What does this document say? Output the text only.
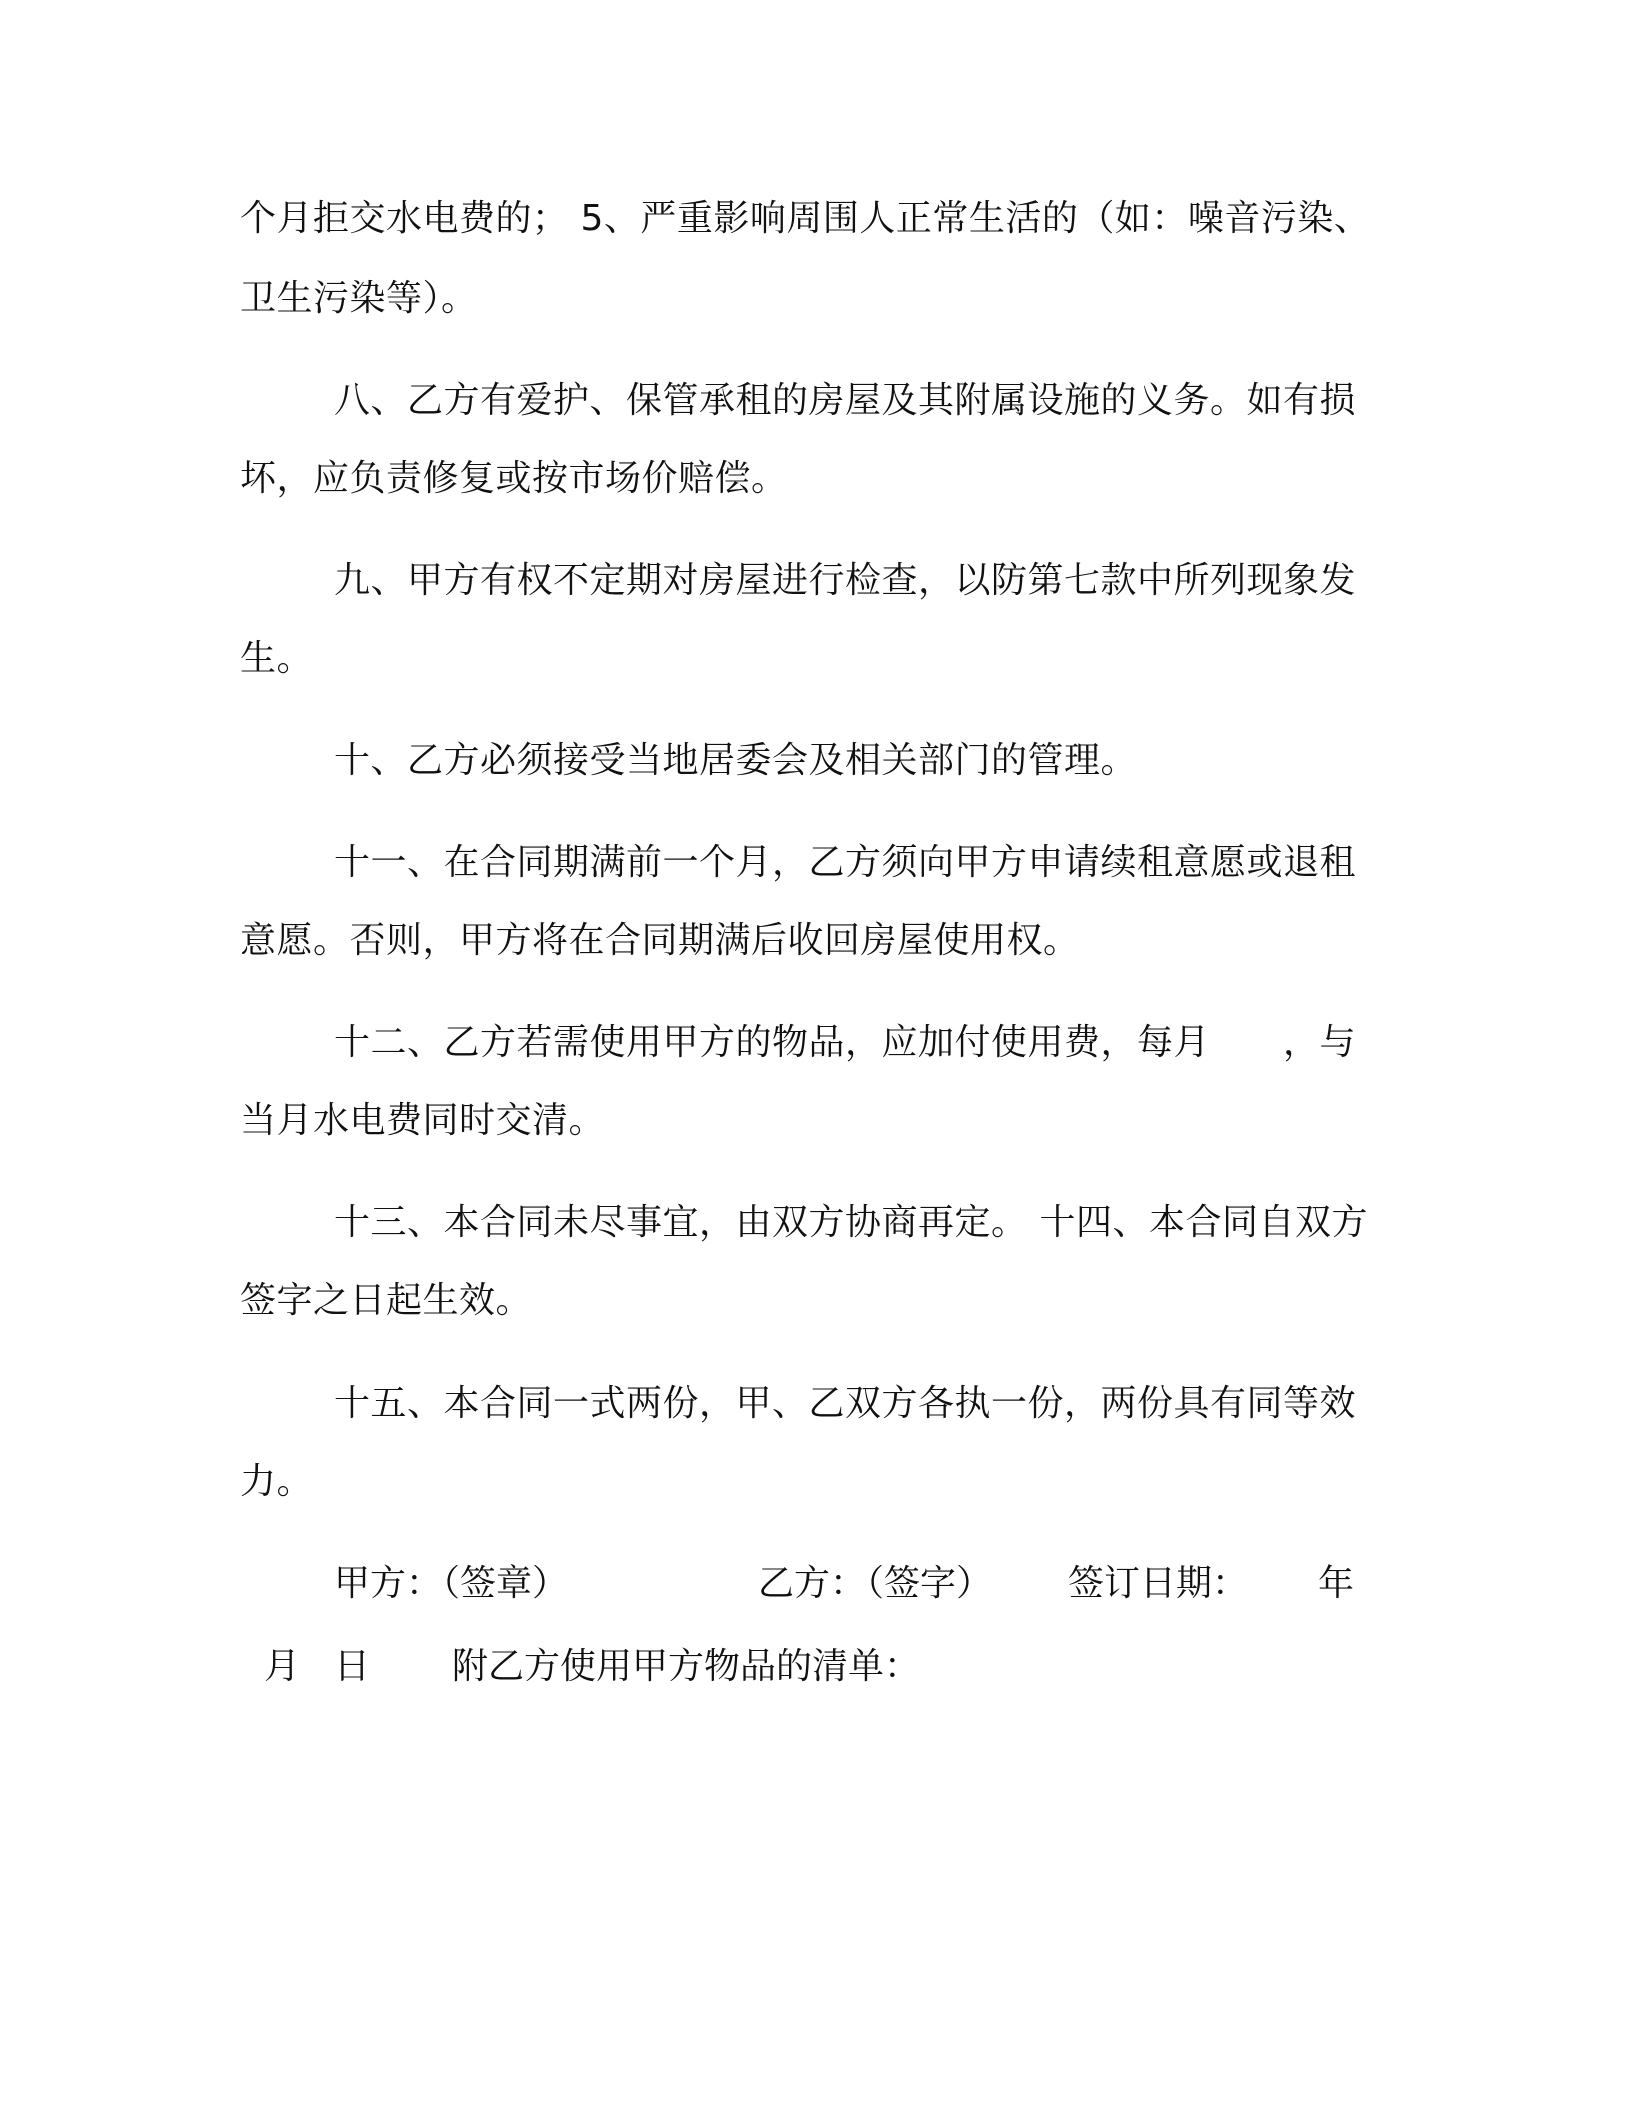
个月拒交水电费的； 5、严重影响周围人正常生活的（如：噪音污染、
卫生污染等）。
八、乙方有爱护、保管承租的房屋及其附属设施的义务。如有损
坏，应负责修复或按市场价赔偿。
九、甲方有权不定期对房屋进行检查，以防第七款中所列现象发
生。
十、乙方必须接受当地居委会及相关部门的管理。
十一、在合同期满前一个月，乙方须向甲方申请续租意愿或退租
意愿。否则，甲方将在合同期满后收回房屋使用权。
十二、乙方若需使用甲方的物品，应加付使用费，每月　　，与
当月水电费同时交清。
十三、本合同未尽事宜，由双方协商再定。 十四、本合同自双方
签字之日起生效。
十五、本合同一式两份，甲、乙双方各执一份，两份具有同等效
力。
甲方：（签章）	乙方：（签字） 签订日期： 年
月 日 附乙方使用甲方物品的清单：
